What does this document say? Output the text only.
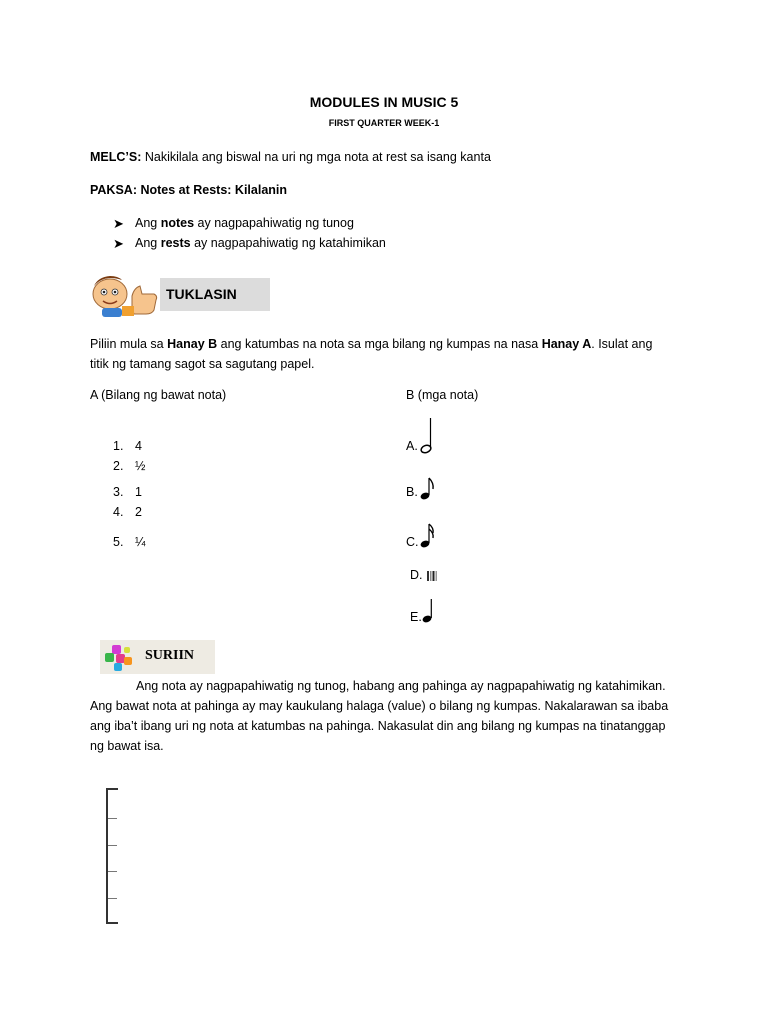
MODULES IN MUSIC 5
FIRST QUARTER WEEK-1
MELC’S: Nakikilala ang biswal na uri ng mga nota at rest sa isang kanta
PAKSA: Notes at Rests: Kilalanin
➤ Ang notes ay nagpapahiwatig ng tunog
➤ Ang rests ay nagpapahiwatig ng katahimikan
TUKLASIN
Piliin mula sa Hanay B ang katumbas na nota sa mga bilang ng kumpas na nasa Hanay A. Isulat ang titik ng tamang sagot sa sagutang papel.
A (Bilang ng bawat nota)	B (mga nota)
1. 4
2. ½
3. 1
4. 2
5. ¼
A.
B.
C.
D.
E.
SURIIN
Ang nota ay nagpapahiwatig ng tunog, habang ang pahinga ay nagpapahiwatig ng katahimikan. Ang bawat nota at pahinga ay may kaukulang halaga (value) o bilang ng kumpas. Nakalarawan sa ibaba ang iba’t ibang uri ng nota at katumbas na pahinga. Nakasulat din ang bilang ng kumpas na tinatanggap ng bawat isa.
